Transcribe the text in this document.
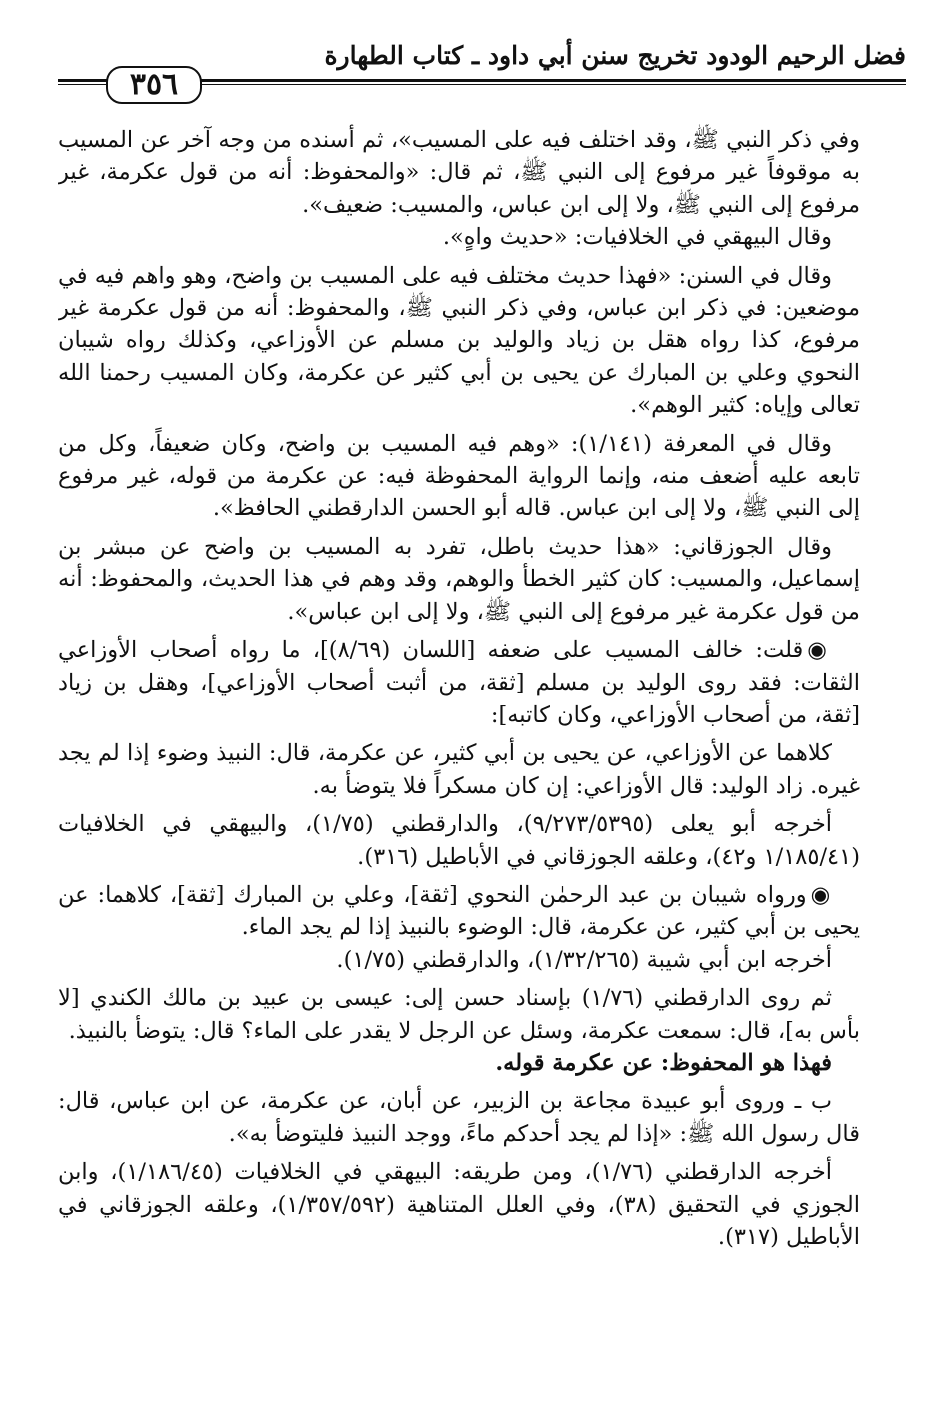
فضل الرحيم الودود تخريج سنن أبي داود ـ كتاب الطهارة
٣٥٦

وفي ذكر النبي ﷺ، وقد اختلف فيه على المسيب»، ثم أسنده من وجه آخر عن المسيب به موقوفاً غير مرفوع إلى النبي ﷺ، ثم قال: «والمحفوظ: أنه من قول عكرمة، غير مرفوع إلى النبي ﷺ، ولا إلى ابن عباس، والمسيب: ضعيف».

وقال البيهقي في الخلافيات: «حديث واهٍ».

وقال في السنن: «فهذا حديث مختلف فيه على المسيب بن واضح، وهو واهم فيه في موضعين: في ذكر ابن عباس، وفي ذكر النبي ﷺ، والمحفوظ: أنه من قول عكرمة غير مرفوع، كذا رواه هقل بن زياد والوليد بن مسلم عن الأوزاعي، وكذلك رواه شيبان النحوي وعلي بن المبارك عن يحيى بن أبي كثير عن عكرمة، وكان المسيب رحمنا الله تعالى وإياه: كثير الوهم».

وقال في المعرفة (١/١٤١): «وهم فيه المسيب بن واضح، وكان ضعيفاً، وكل من تابعه عليه أضعف منه، وإنما الرواية المحفوظة فيه: عن عكرمة من قوله، غير مرفوع إلى النبي ﷺ، ولا إلى ابن عباس. قاله أبو الحسن الدارقطني الحافظ».

وقال الجوزقاني: «هذا حديث باطل، تفرد به المسيب بن واضح عن مبشر بن إسماعيل، والمسيب: كان كثير الخطأ والوهم، وقد وهم في هذا الحديث، والمحفوظ: أنه من قول عكرمة غير مرفوع إلى النبي ﷺ، ولا إلى ابن عباس».

◉قلت: خالف المسيب على ضعفه [اللسان (٨/٦٩)]، ما رواه أصحاب الأوزاعي الثقات: فقد روى الوليد بن مسلم [ثقة، من أثبت أصحاب الأوزاعي]، وهقل بن زياد [ثقة، من أصحاب الأوزاعي، وكان كاتبه]:

كلاهما عن الأوزاعي، عن يحيى بن أبي كثير، عن عكرمة، قال: النبيذ وضوء إذا لم يجد غيره. زاد الوليد: قال الأوزاعي: إن كان مسكراً فلا يتوضأ به.

أخرجه أبو يعلى (٩/٢٧٣/٥٣٩٥)، والدارقطني (١/٧٥)، والبيهقي في الخلافيات (١/١٨٥/٤١ و٤٢)، وعلقه الجوزقاني في الأباطيل (٣١٦).

◉ورواه شيبان بن عبد الرحمٰن النحوي [ثقة]، وعلي بن المبارك [ثقة]، كلاهما: عن يحيى بن أبي كثير، عن عكرمة، قال: الوضوء بالنبيذ إذا لم يجد الماء.

أخرجه ابن أبي شيبة (١/٣٢/٢٦٥)، والدارقطني (١/٧٥).

ثم روى الدارقطني (١/٧٦) بإسناد حسن إلى: عيسى بن عبيد بن مالك الكندي [لا بأس به]، قال: سمعت عكرمة، وسئل عن الرجل لا يقدر على الماء؟ قال: يتوضأ بالنبيذ.

فهذا هو المحفوظ: عن عكرمة قوله.

ب ـ وروى أبو عبيدة مجاعة بن الزبير، عن أبان، عن عكرمة، عن ابن عباس، قال: قال رسول الله ﷺ: «إذا لم يجد أحدكم ماءً، ووجد النبيذ فليتوضأ به».

أخرجه الدارقطني (١/٧٦)، ومن طريقه: البيهقي في الخلافيات (١/١٨٦/٤٥)، وابن الجوزي في التحقيق (٣٨)، وفي العلل المتناهية (١/٣٥٧/٥٩٢)، وعلقه الجوزقاني في الأباطيل (٣١٧).
